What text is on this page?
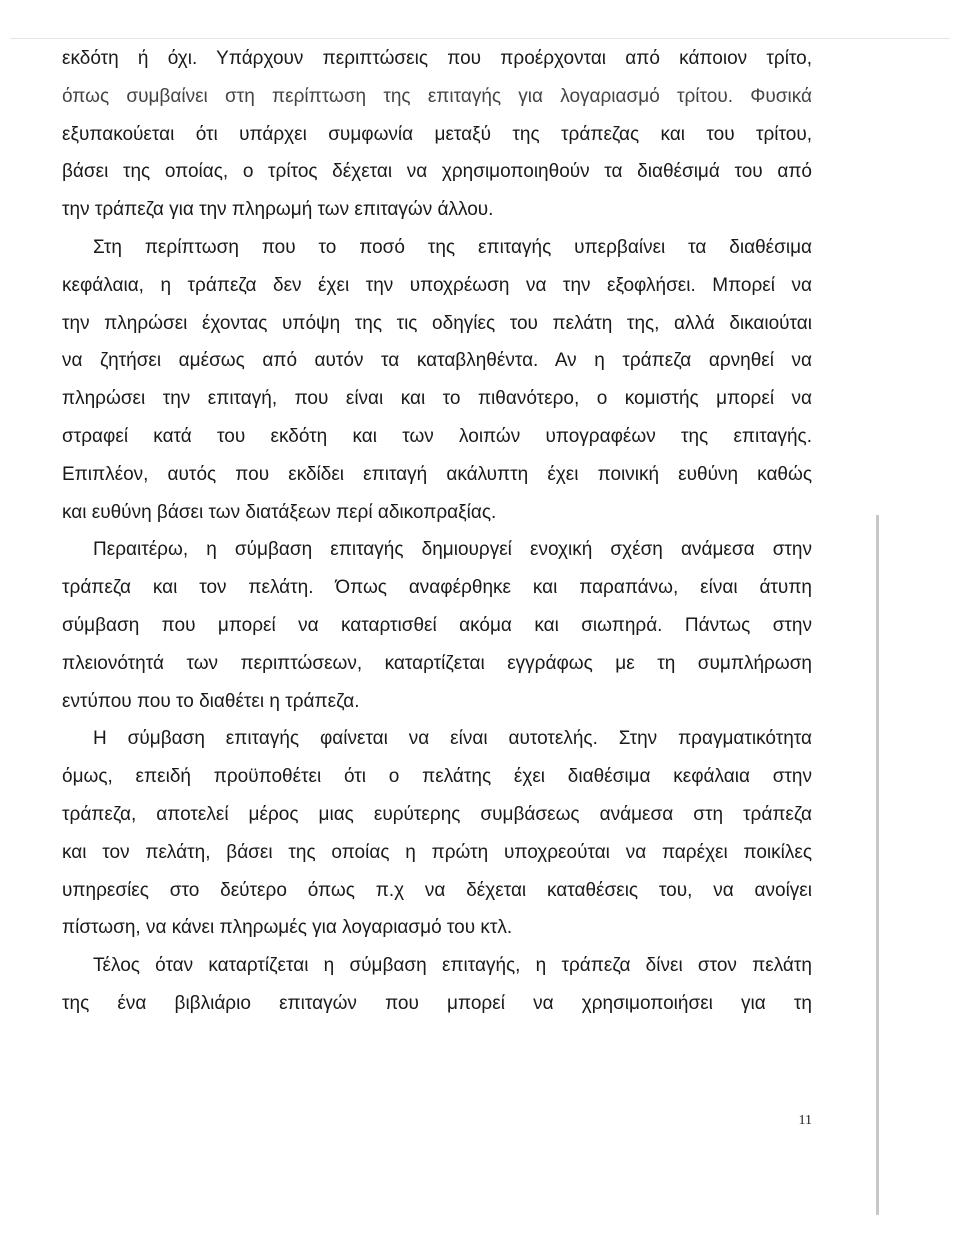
εκδότη ή όχι. Υπάρχουν περιπτώσεις που προέρχονται από κάποιον τρίτο,
όπως συμβαίνει στη περίπτωση της επιταγής για λογαριασμό τρίτου. Φυσικά
εξυπακούεται ότι υπάρχει συμφωνία μεταξύ της τράπεζας και του τρίτου,
βάσει της οποίας, ο τρίτος δέχεται να χρησιμοποιηθούν τα διαθέσιμά του από
την τράπεζα για την πληρωμή των επιταγών άλλου.
Στη περίπτωση που το ποσό της επιταγής υπερβαίνει τα διαθέσιμα
κεφάλαια, η τράπεζα δεν έχει την υποχρέωση να την εξοφλήσει. Μπορεί να
την πληρώσει έχοντας υπόψη της τις οδηγίες του πελάτη της, αλλά δικαιούται
να ζητήσει αμέσως από αυτόν τα καταβληθέντα. Αν η τράπεζα αρνηθεί να
πληρώσει την επιταγή, που είναι και το πιθανότερο, ο κομιστής μπορεί να
στραφεί κατά του εκδότη και των λοιπών υπογραφέων της επιταγής.
Επιπλέον, αυτός που εκδίδει επιταγή ακάλυπτη έχει ποινική ευθύνη καθώς
και ευθύνη βάσει των διατάξεων περί αδικοπραξίας.
Περαιτέρω, η σύμβαση επιταγής δημιουργεί ενοχική σχέση ανάμεσα στην
τράπεζα και τον πελάτη. Όπως αναφέρθηκε και παραπάνω, είναι άτυπη
σύμβαση που μπορεί να καταρτισθεί ακόμα και σιωπηρά. Πάντως στην
πλειονότητά των περιπτώσεων, καταρτίζεται εγγράφως με τη συμπλήρωση
εντύπου που το διαθέτει η τράπεζα.
Η σύμβαση επιταγής φαίνεται να είναι αυτοτελής. Στην πραγματικότητα
όμως, επειδή προϋποθέτει ότι ο πελάτης έχει διαθέσιμα κεφάλαια στην
τράπεζα, αποτελεί μέρος μιας ευρύτερης συμβάσεως ανάμεσα στη τράπεζα
και τον πελάτη, βάσει της οποίας η πρώτη υποχρεούται να παρέχει ποικίλες
υπηρεσίες στο δεύτερο όπως π.χ να δέχεται καταθέσεις του, να ανοίγει
πίστωση, να κάνει πληρωμές για λογαριασμό του κτλ.
Τέλος όταν καταρτίζεται η σύμβαση επιταγής, η τράπεζα δίνει στον πελάτη
της ένα βιβλιάριο επιταγών που μπορεί να χρησιμοποιήσει για τη
11
